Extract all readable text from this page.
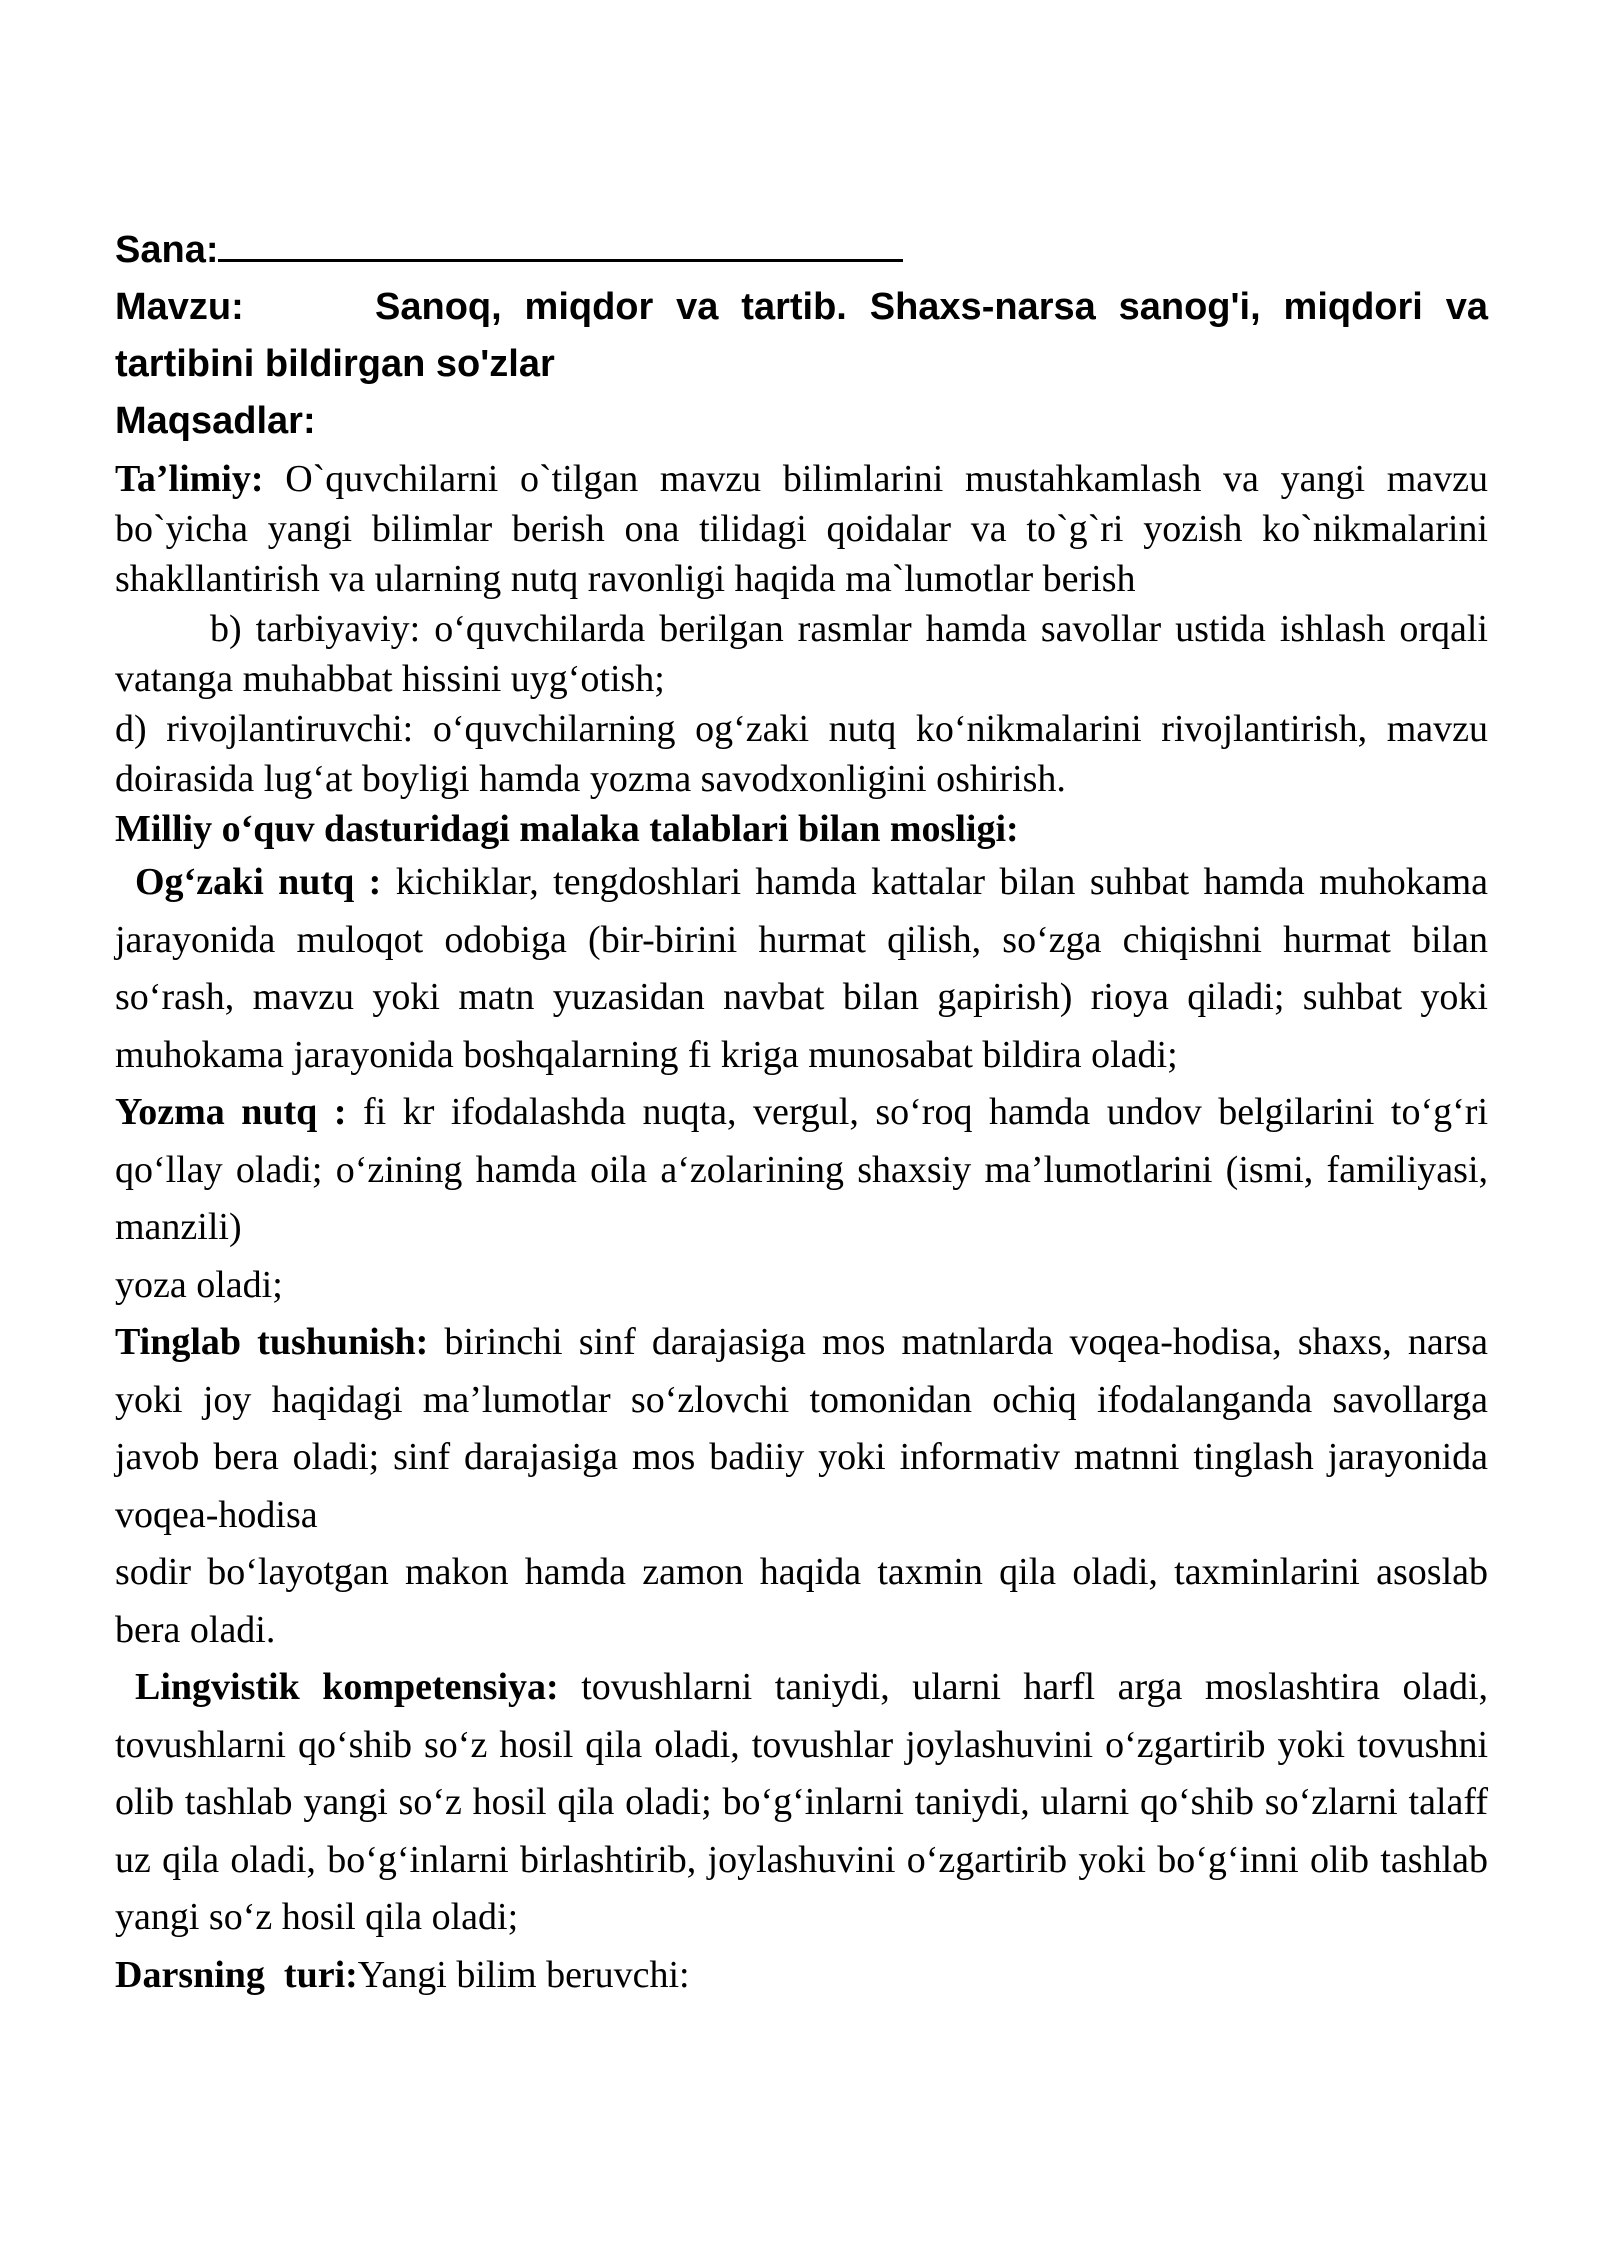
Sana:

Mavzu:	Sanoq, miqdor va tartib. Shaxs-narsa sanog'i, miqdori va tartibini bildirgan so'zlar

Maqsadlar:

Ta’limiy: O`quvchilarni o`tilgan mavzu bilimlarini mustahkamlash va yangi mavzu bo`yicha yangi bilimlar berish ona tilidagi qoidalar va to`g`ri yozish ko`nikmalarini shakllantirish va ularning nutq ravonligi haqida ma`lumotlar berish

b) tarbiyaviy: o‘quvchilarda berilgan rasmlar hamda savollar ustida ishlash orqali vatanga muhabbat hissini uyg‘otish;

d) rivojlantiruvchi: o‘quvchilarning og‘zaki nutq ko‘nikmalarini rivojlantirish, mavzu doirasida lug‘at boyligi hamda yozma savodxonligini oshirish.

Milliy o‘quv dasturidagi malaka talablari bilan mosligi:

Og‘zaki nutq : kichiklar, tengdoshlari hamda kattalar bilan suhbat hamda muhokama jarayonida muloqot odobiga (bir-birini hurmat qilish, so‘zga chiqishni hurmat bilan so‘rash, mavzu yoki matn yuzasidan navbat bilan gapirish) rioya qiladi; suhbat yoki muhokama jarayonida boshqalarning fi kriga munosabat bildira oladi;

Yozma nutq : fi kr ifodalashda nuqta, vergul, so‘roq hamda undov belgilarini to‘g‘ri qo‘llay oladi; o‘zining hamda oila a‘zolarining shaxsiy ma’lumotlarini (ismi, familiyasi, manzili)

yoza oladi;

Tinglab tushunish: birinchi sinf darajasiga mos matnlarda voqea-hodisa, shaxs, narsa yoki joy haqidagi ma’lumotlar so‘zlovchi tomonidan ochiq ifodalanganda savollarga javob bera oladi; sinf darajasiga mos badiiy yoki informativ matnni tinglash jarayonida voqea-hodisa

sodir bo‘layotgan makon hamda zamon haqida taxmin qila oladi, taxminlarini asoslab bera oladi.

Lingvistik kompetensiya: tovushlarni taniydi, ularni harfl arga moslashtira oladi, tovushlarni qo‘shib so‘z hosil qila oladi, tovushlar joylashuvini o‘zgartirib yoki tovushni olib tashlab yangi so‘z hosil qila oladi; bo‘g‘inlarni taniydi, ularni qo‘shib so‘zlarni talaff uz qila oladi, bo‘g‘inlarni birlashtirib, joylashuvini o‘zgartirib yoki bo‘g‘inni olib tashlab yangi so‘z hosil qila oladi;

Darsning  turi:Yangi bilim beruvchi:
